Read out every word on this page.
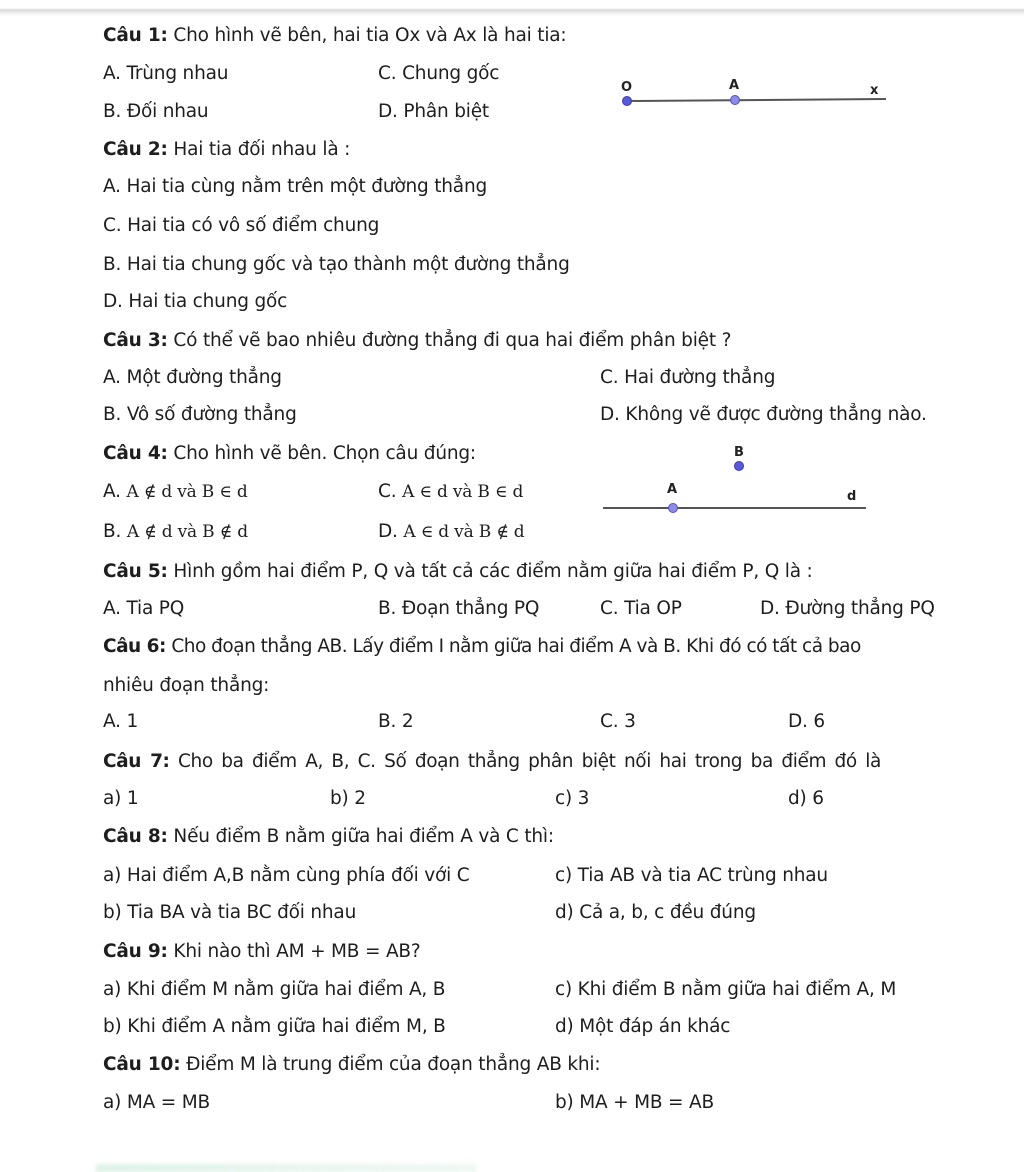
Câu 1: Cho hình vẽ bên, hai tia Ox và Ax là hai tia:
A. Trùng nhau	C. Chung gốc
B. Đối nhau	D. Phân biệt
O	A	x
Câu 2: Hai tia đối nhau là :
A. Hai tia cùng nằm trên một đường thẳng
C. Hai tia có vô số điểm chung
B. Hai tia chung gốc và tạo thành một đường thẳng
D. Hai tia chung gốc
Câu 3: Có thể vẽ bao nhiêu đường thẳng đi qua hai điểm phân biệt ?
A. Một đường thẳng	C. Hai đường thẳng
B. Vô số đường thẳng	D. Không vẽ được đường thẳng nào.
Câu 4: Cho hình vẽ bên. Chọn câu đúng:
A. A ∉ d và B ∈ d	C. A ∈ d và B ∈ d
B. A ∉ d và B ∉ d	D. A ∈ d và B ∉ d
B
A	d
Câu 5: Hình gồm hai điểm P, Q và tất cả các điểm nằm giữa hai điểm P, Q là :
A. Tia PQ	B. Đoạn thẳng PQ	C. Tia OP	D. Đường thẳng PQ
Câu 6: Cho đoạn thẳng AB. Lấy điểm I nằm giữa hai điểm A và B. Khi đó có tất cả bao
nhiêu đoạn thẳng:
A. 1	B. 2	C. 3	D. 6
Câu 7: Cho ba điểm A, B, C. Số đoạn thẳng phân biệt nối hai trong ba điểm đó là
a) 1	b) 2	c) 3	d) 6
Câu 8: Nếu điểm B nằm giữa hai điểm A và C thì:
a) Hai điểm A,B nằm cùng phía đối với C	c) Tia AB và tia AC trùng nhau
b) Tia BA và tia BC đối nhau	d) Cả a, b, c đều đúng
Câu 9: Khi nào thì AM + MB = AB?
a) Khi điểm M nằm giữa hai điểm A, B	c) Khi điểm B nằm giữa hai điểm A, M
b) Khi điểm A nằm giữa hai điểm M, B	d) Một đáp án khác
Câu 10: Điểm M là trung điểm của đoạn thẳng AB khi:
a) MA = MB	b) MA + MB = AB
